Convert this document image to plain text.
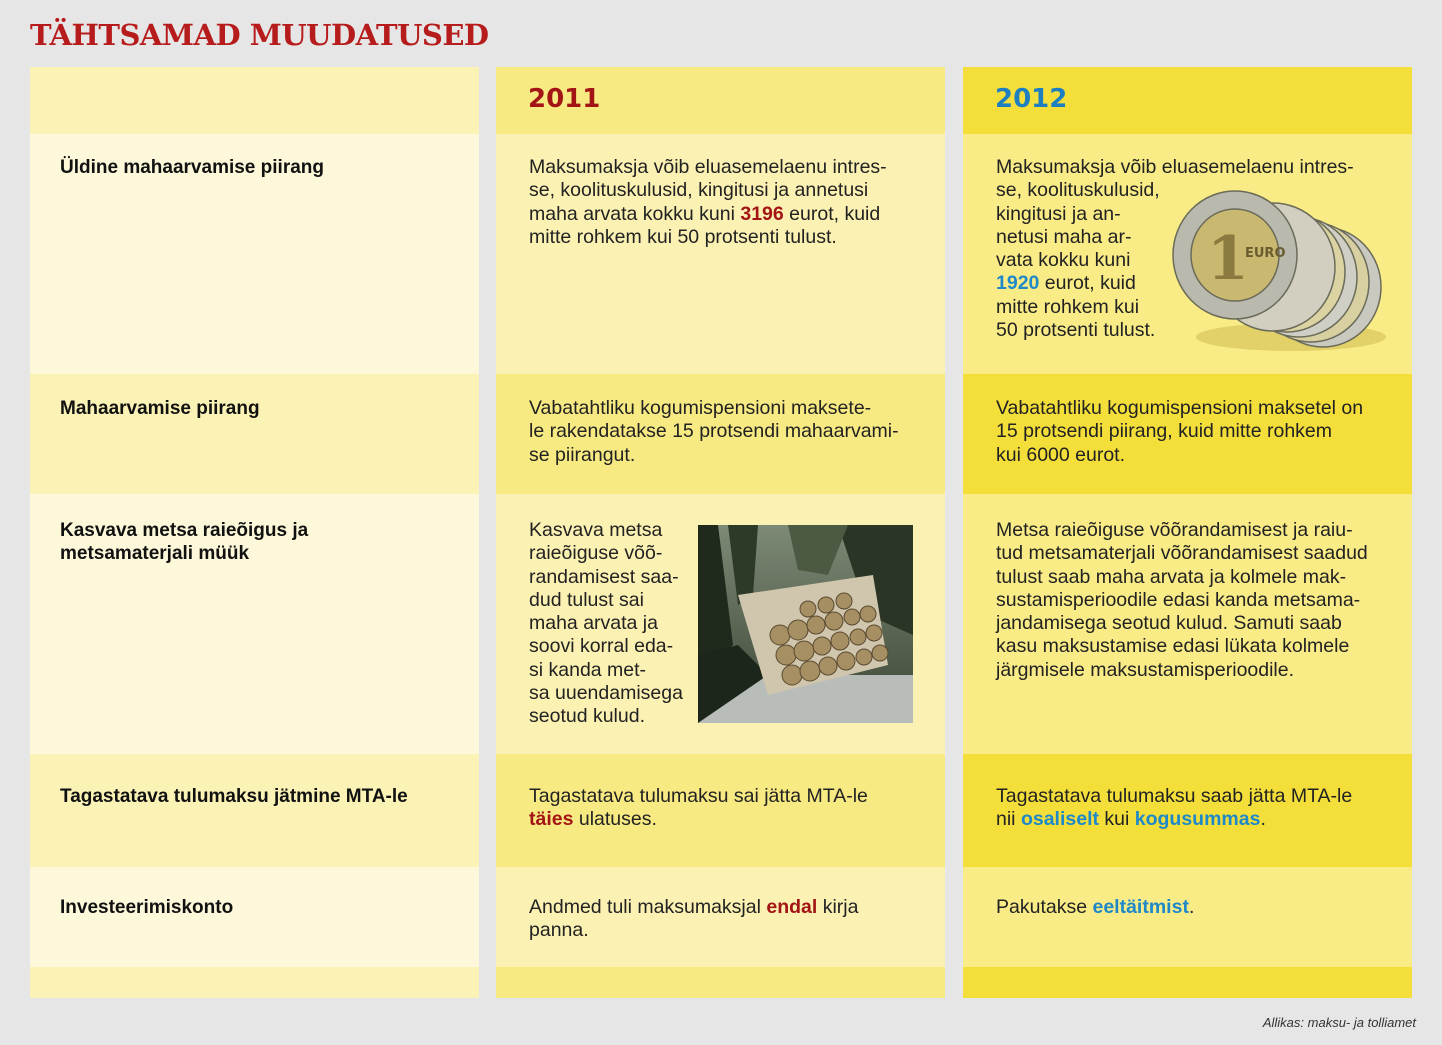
TÄHTSAMAD MUUDATUSED
Üldine mahaarvamise piirang
Mahaarvamise piirang
Kasvava metsa raieõigus ja
metsamaterjali müük
Tagastatava tulumaksu jätmine MTA-le
Investeerimiskonto
2011
Maksumaksja võib eluasemelaenu intres-
se, koolituskulusid, kingitusi ja annetusi
maha arvata kokku kuni 3196 eurot, kuid
mitte rohkem kui 50 protsenti tulust.
Vabatahtliku kogumispensioni maksete-
le rakendatakse 15 protsendi mahaarvami-
se piirangut.
Kasvava metsa
raieõiguse võõ-
randamisest saa-
dud tulust sai
maha arvata ja
soovi korral eda-
si kanda met-
sa uuendamisega
seotud kulud.
Tagastatava tulumaksu sai jätta MTA-le
täies ulatuses.
Andmed tuli maksumaksjal endal kirja
panna.
2012
Maksumaksja võib eluasemelaenu intres-
se, koolituskulusid,
kingitusi ja an-
netusi maha ar-
vata kokku kuni
1920 eurot, kuid
mitte rohkem kui
50 protsenti tulust.
1
EURO
Vabatahtliku kogumispensioni maksetel on
15 protsendi piirang, kuid mitte rohkem
kui 6000 eurot.
Metsa raieõiguse võõrandamisest ja raiu-
tud metsamaterjali võõrandamisest saadud
tulust saab maha arvata ja kolmele mak-
sustamisperioodile edasi kanda metsama-
jandamisega seotud kulud. Samuti saab
kasu maksustamise edasi lükata kolmele
järgmisele maksustamisperioodile.
Tagastatava tulumaksu saab jätta MTA-le
nii osaliselt kui kogusummas.
Pakutakse eeltäitmist.
Allikas: maksu- ja tolliamet
